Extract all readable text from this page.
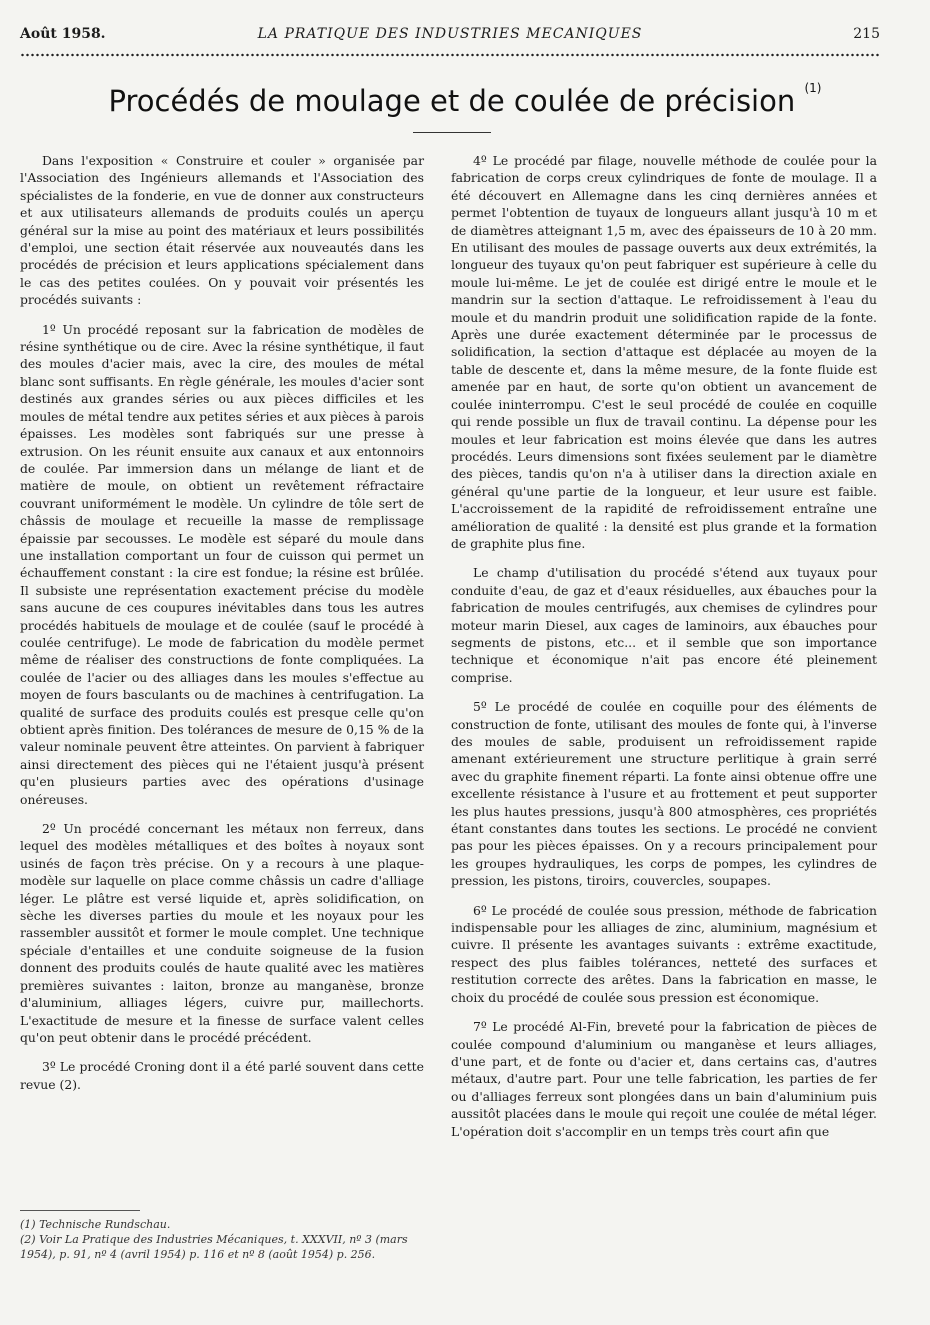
Août 1958.	LA PRATIQUE DES INDUSTRIES MECANIQUES	215
Procédés de moulage et de coulée de précision $^{(1)}$

Dans l'exposition « Construire et couler » organisée par l'Association des Ingénieurs allemands et l'Association des spécialistes de la fonderie, en vue de donner aux constructeurs et aux utilisateurs allemands de produits coulés un aperçu général sur la mise au point des matériaux et leurs possibilités d'emploi, une section était réservée aux nouveautés dans les procédés de précision et leurs applications spécialement dans le cas des petites coulées. On y pouvait voir présentés les procédés suivants :

1º Un procédé reposant sur la fabrication de modèles de résine synthétique ou de cire. Avec la résine synthétique, il faut des moules d'acier mais, avec la cire, des moules de métal blanc sont suffisants. En règle générale, les moules d'acier sont destinés aux grandes séries ou aux pièces difficiles et les moules de métal tendre aux petites séries et aux pièces à parois épaisses. Les modèles sont fabriqués sur une presse à extrusion. On les réunit ensuite aux canaux et aux entonnoirs de coulée. Par immersion dans un mélange de liant et de matière de moule, on obtient un revêtement réfractaire couvrant uniformément le modèle. Un cylindre de tôle sert de châssis de moulage et recueille la masse de remplissage épaissie par secousses. Le modèle est séparé du moule dans une installation comportant un four de cuisson qui permet un échauffement constant : la cire est fondue; la résine est brûlée. Il subsiste une représentation exactement précise du modèle sans aucune de ces coupures inévitables dans tous les autres procédés habituels de moulage et de coulée (sauf le procédé à coulée centrifuge). Le mode de fabrication du modèle permet même de réaliser des constructions de fonte compliquées. La coulée de l'acier ou des alliages dans les moules s'effectue au moyen de fours basculants ou de machines à centrifugation. La qualité de surface des produits coulés est presque celle qu'on obtient après finition. Des tolérances de mesure de 0,15 % de la valeur nominale peuvent être atteintes. On parvient à fabriquer ainsi directement des pièces qui ne l'étaient jusqu'à présent qu'en plusieurs parties avec des opérations d'usinage onéreuses.

2º Un procédé concernant les métaux non ferreux, dans lequel des modèles métalliques et des boîtes à noyaux sont usinés de façon très précise. On y a recours à une plaque-modèle sur laquelle on place comme châssis un cadre d'alliage léger. Le plâtre est versé liquide et, après solidification, on sèche les diverses parties du moule et les noyaux pour les rassembler aussitôt et former le moule complet. Une technique spéciale d'entailles et une conduite soigneuse de la fusion donnent des produits coulés de haute qualité avec les matières premières suivantes : laiton, bronze au manganèse, bronze d'aluminium, alliages légers, cuivre pur, maillechorts. L'exactitude de mesure et la finesse de surface valent celles qu'on peut obtenir dans le procédé précédent.

3º Le procédé Croning dont il a été parlé souvent dans cette revue (2).

4º Le procédé par filage, nouvelle méthode de coulée pour la fabrication de corps creux cylindriques de fonte de moulage. Il a été découvert en Allemagne dans les cinq dernières années et permet l'obtention de tuyaux de longueurs allant jusqu'à 10 m et de diamètres atteignant 1,5 m, avec des épaisseurs de 10 à 20 mm. En utilisant des moules de passage ouverts aux deux extrémités, la longueur des tuyaux qu'on peut fabriquer est supérieure à celle du moule lui-même. Le jet de coulée est dirigé entre le moule et le mandrin sur la section d'attaque. Le refroidissement à l'eau du moule et du mandrin produit une solidification rapide de la fonte. Après une durée exactement déterminée par le processus de solidification, la section d'attaque est déplacée au moyen de la table de descente et, dans la même mesure, de la fonte fluide est amenée par en haut, de sorte qu'on obtient un avancement de coulée ininterrompu. C'est le seul procédé de coulée en coquille qui rende possible un flux de travail continu. La dépense pour les moules et leur fabrication est moins élevée que dans les autres procédés. Leurs dimensions sont fixées seulement par le diamètre des pièces, tandis qu'on n'a à utiliser dans la direction axiale en général qu'une partie de la longueur, et leur usure est faible. L'accroissement de la rapidité de refroidissement entraîne une amélioration de qualité : la densité est plus grande et la formation de graphite plus fine.

Le champ d'utilisation du procédé s'étend aux tuyaux pour conduite d'eau, de gaz et d'eaux résiduelles, aux ébauches pour la fabrication de moules centrifugés, aux chemises de cylindres pour moteur marin Diesel, aux cages de laminoirs, aux ébauches pour segments de pistons, etc... et il semble que son importance technique et économique n'ait pas encore été pleinement comprise.

5º Le procédé de coulée en coquille pour des éléments de construction de fonte, utilisant des moules de fonte qui, à l'inverse des moules de sable, produisent un refroidissement rapide amenant extérieurement une structure perlitique à grain serré avec du graphite finement réparti. La fonte ainsi obtenue offre une excellente résistance à l'usure et au frottement et peut supporter les plus hautes pressions, jusqu'à 800 atmosphères, ces propriétés étant constantes dans toutes les sections. Le procédé ne convient pas pour les pièces épaisses. On y a recours principalement pour les groupes hydrauliques, les corps de pompes, les cylindres de pression, les pistons, tiroirs, couvercles, soupapes.

6º Le procédé de coulée sous pression, méthode de fabrication indispensable pour les alliages de zinc, aluminium, magnésium et cuivre. Il présente les avantages suivants : extrême exactitude, respect des plus faibles tolérances, netteté des surfaces et restitution correcte des arêtes. Dans la fabrication en masse, le choix du procédé de coulée sous pression est économique.

7º Le procédé Al-Fin, breveté pour la fabrication de pièces de coulée compound d'aluminium ou manganèse et leurs alliages, d'une part, et de fonte ou d'acier et, dans certains cas, d'autres métaux, d'autre part. Pour une telle fabrication, les parties de fer ou d'alliages ferreux sont plongées dans un bain d'aluminium puis aussitôt placées dans le moule qui reçoit une coulée de métal léger. L'opération doit s'accomplir en un temps très court afin que

(1) Technische Rundschau.
(2) Voir La Pratique des Industries Mécaniques, t. XXXVII, nº 3 (mars 1954), p. 91, nº 4 (avril 1954) p. 116 et nº 8 (août 1954) p. 256.
